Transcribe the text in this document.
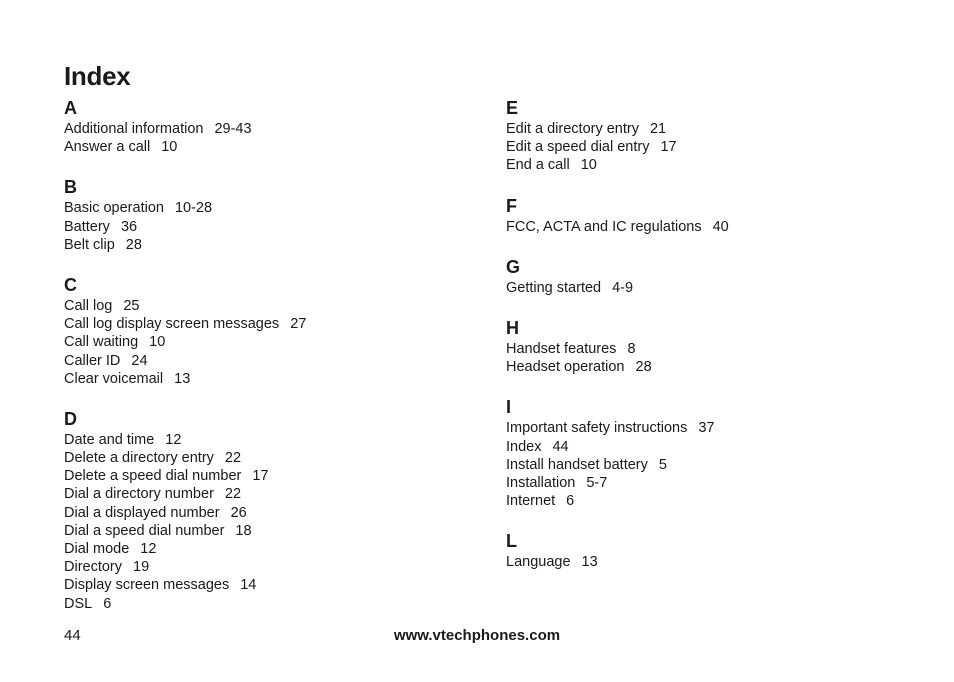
Index
A
Additional information 29-43
Answer a call 10
B
Basic operation 10-28
Battery 36
Belt clip 28
C
Call log 25
Call log display screen messages 27
Call waiting 10
Caller ID 24
Clear voicemail 13
D
Date and time 12
Delete a directory entry 22
Delete a speed dial number 17
Dial a directory number 22
Dial a displayed number 26
Dial a speed dial number 18
Dial mode 12
Directory 19
Display screen messages 14
DSL 6
E
Edit a directory entry 21
Edit a speed dial entry 17
End a call 10
F
FCC, ACTA and IC regulations 40
G
Getting started 4-9
H
Handset features 8
Headset operation 28
I
Important safety instructions 37
Index 44
Install handset battery 5
Installation 5-7
Internet 6
L
Language 13
44	www.vtechphones.com
